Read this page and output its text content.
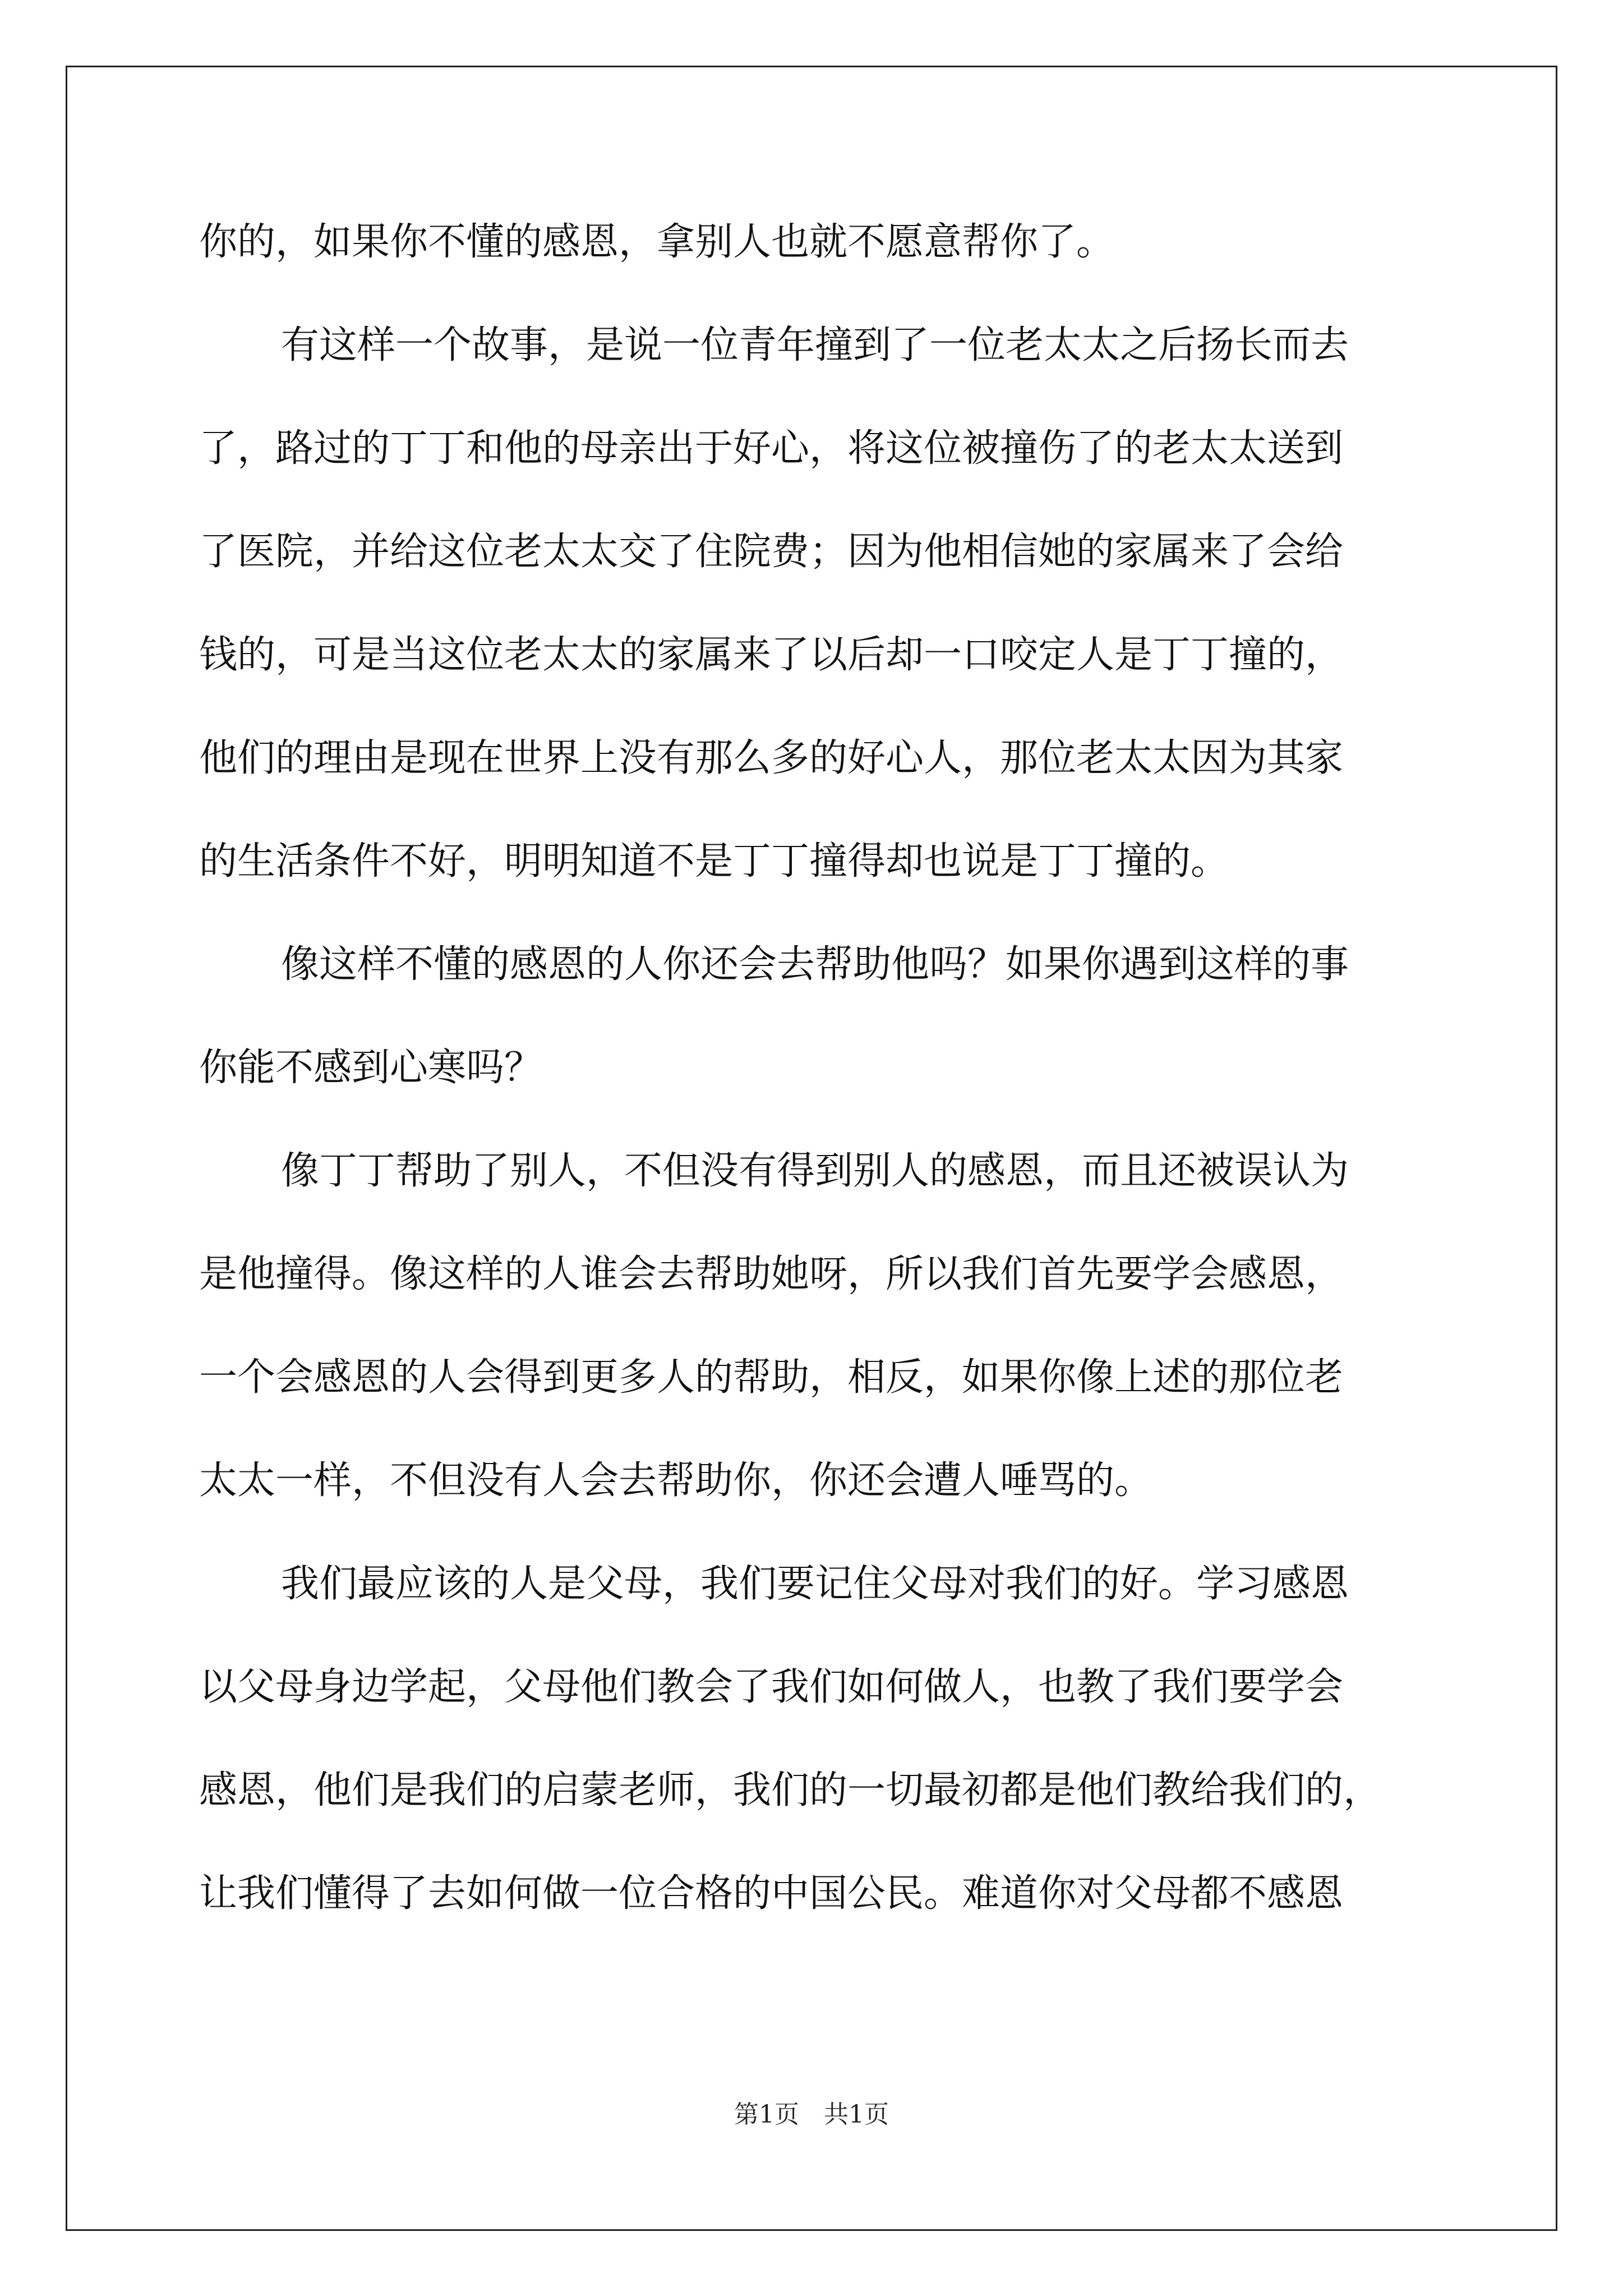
你的，如果你不懂的感恩，拿别人也就不愿意帮你了。
有这样一个故事，是说一位青年撞到了一位老太太之后扬长而去
了，路过的丁丁和他的母亲出于好心，将这位被撞伤了的老太太送到
了医院，并给这位老太太交了住院费；因为他相信她的家属来了会给
钱的，可是当这位老太太的家属来了以后却一口咬定人是丁丁撞的，
他们的理由是现在世界上没有那么多的好心人，那位老太太因为其家
的生活条件不好，明明知道不是丁丁撞得却也说是丁丁撞的。
像这样不懂的感恩的人你还会去帮助他吗？如果你遇到这样的事
你能不感到心寒吗？
像丁丁帮助了别人，不但没有得到别人的感恩，而且还被误认为
是他撞得。像这样的人谁会去帮助她呀，所以我们首先要学会感恩，
一个会感恩的人会得到更多人的帮助，相反，如果你像上述的那位老
太太一样，不但没有人会去帮助你，你还会遭人唾骂的。
我们最应该的人是父母，我们要记住父母对我们的好。学习感恩
以父母身边学起，父母他们教会了我们如何做人，也教了我们要学会
感恩，他们是我们的启蒙老师，我们的一切最初都是他们教给我们的，
让我们懂得了去如何做一位合格的中国公民。难道你对父母都不感恩
第1页　共1页
